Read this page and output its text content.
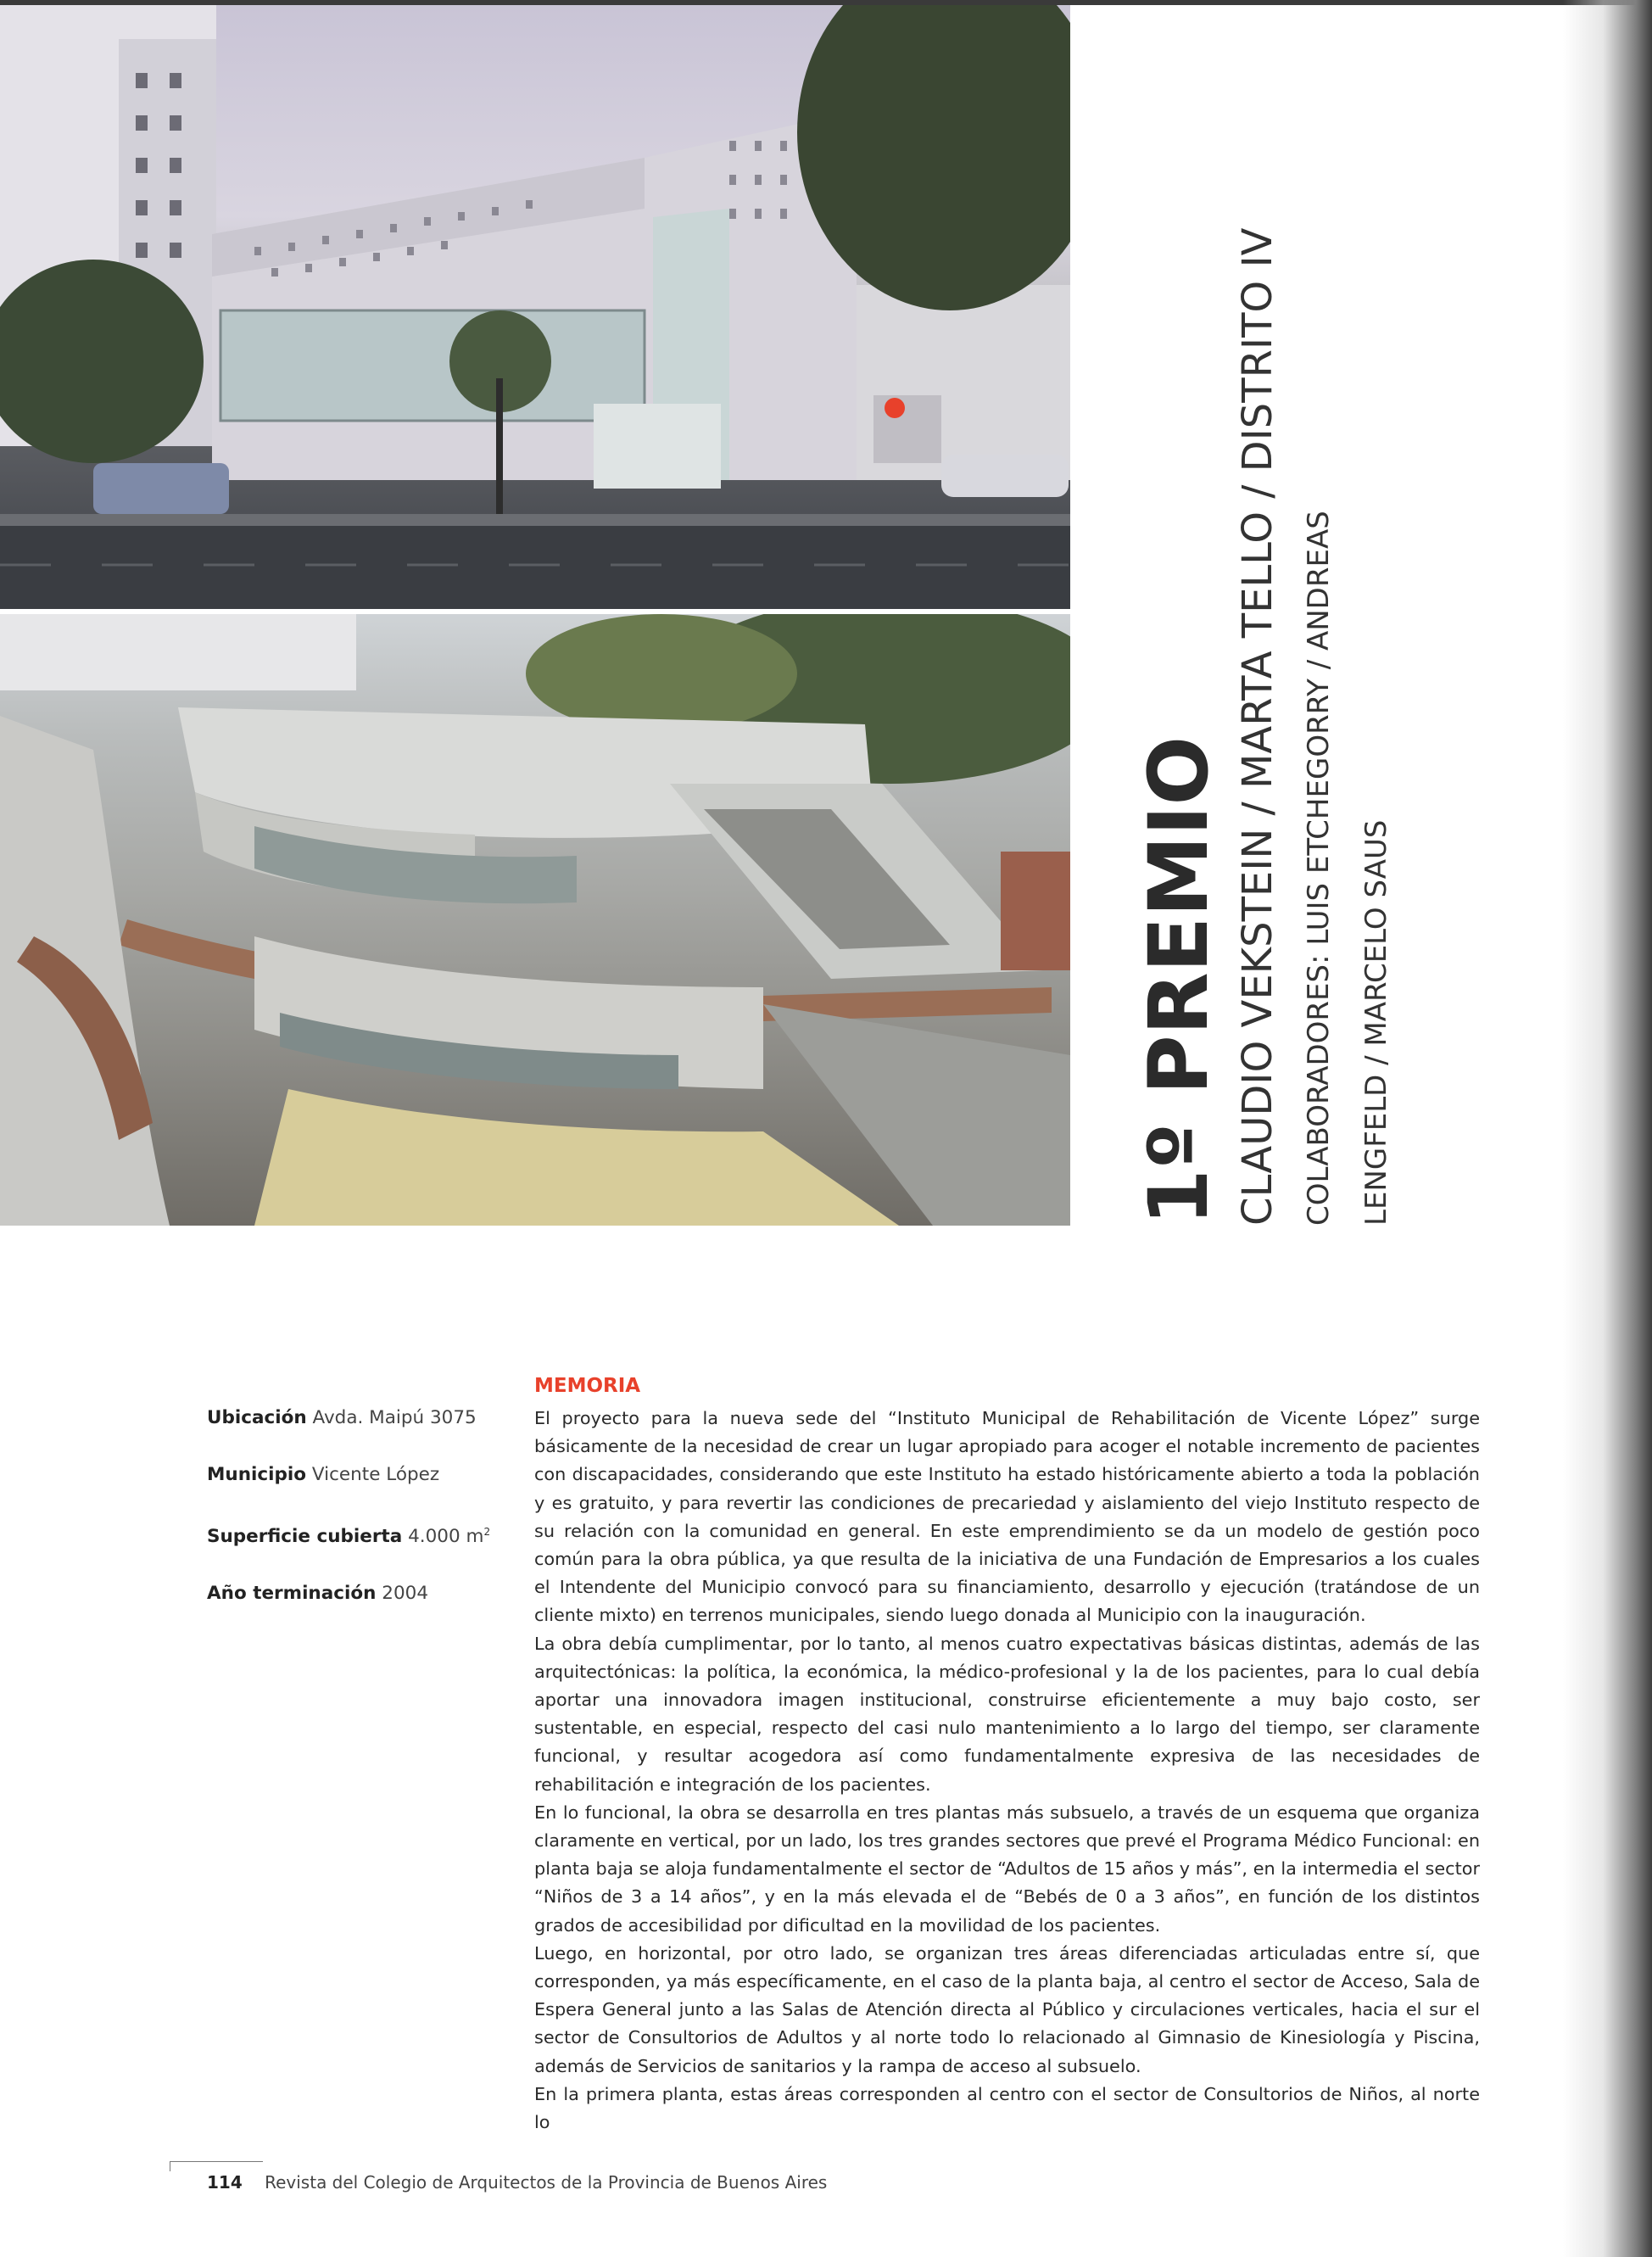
1º PREMIO CLAUDIO VEKSTEIN / MARTA TELLO / DISTRITO IV COLABORADORES: LUIS ETCHEGORRY / ANDREAS LENGFELD / MARCELO SAUS
Ubicación Avda. Maipú 3075
Municipio Vicente López
Superficie cubierta 4.000 $m^2$
Año terminación 2004
MEMORIA

El proyecto para la nueva sede del “Instituto Municipal de Rehabilitación de Vicente López” surge básicamente de la necesidad de crear un lugar apropiado para acoger el notable incremento de pacientes con discapacidades, considerando que este Instituto ha estado históricamente abierto a toda la población y es gratuito, y para revertir las condiciones de precariedad y aislamiento del viejo Instituto respecto de su relación con la comunidad en general. En este emprendimiento se da un modelo de gestión poco común para la obra pública, ya que resulta de la iniciativa de una Fundación de Empresarios a los cuales el Intendente del Municipio convocó para su financiamiento, desarrollo y ejecución (tratándose de un cliente mixto) en terrenos municipales, siendo luego donada al Municipio con la inauguración.

La obra debía cumplimentar, por lo tanto, al menos cuatro expectativas básicas distintas, además de las arquitectónicas: la política, la económica, la médico-profesional y la de los pacientes, para lo cual debía aportar una innovadora imagen institucional, construirse eficientemente a muy bajo costo, ser sustentable, en especial, respecto del casi nulo mantenimiento a lo largo del tiempo, ser claramente funcional, y resultar acogedora así como fundamentalmente expresiva de las necesidades de rehabilitación e integración de los pacientes.

En lo funcional, la obra se desarrolla en tres plantas más subsuelo, a través de un esquema que organiza claramente en vertical, por un lado, los tres grandes sectores que prevé el Programa Médico Funcional: en planta baja se aloja fundamentalmente el sector de “Adultos de 15 años y más”, en la intermedia el sector “Niños de 3 a 14 años”, y en la más elevada el de “Bebés de 0 a 3 años”, en función de los distintos grados de accesibilidad por dificultad en la movilidad de los pacientes.

Luego, en horizontal, por otro lado, se organizan tres áreas diferenciadas articuladas entre sí, que corresponden, ya más específicamente, en el caso de la planta baja, al centro el sector de Acceso, Sala de Espera General junto a las Salas de Atención directa al Público y circulaciones verticales, hacia el sur el sector de Consultorios de Adultos y al norte todo lo relacionado al Gimnasio de Kinesiología y Piscina, además de Servicios de sanitarios y la rampa de acceso al subsuelo.

En la primera planta, estas áreas corresponden al centro con el sector de Consultorios de Niños, al norte lo

114 Revista del Colegio de Arquitectos de la Provincia de Buenos Aires
